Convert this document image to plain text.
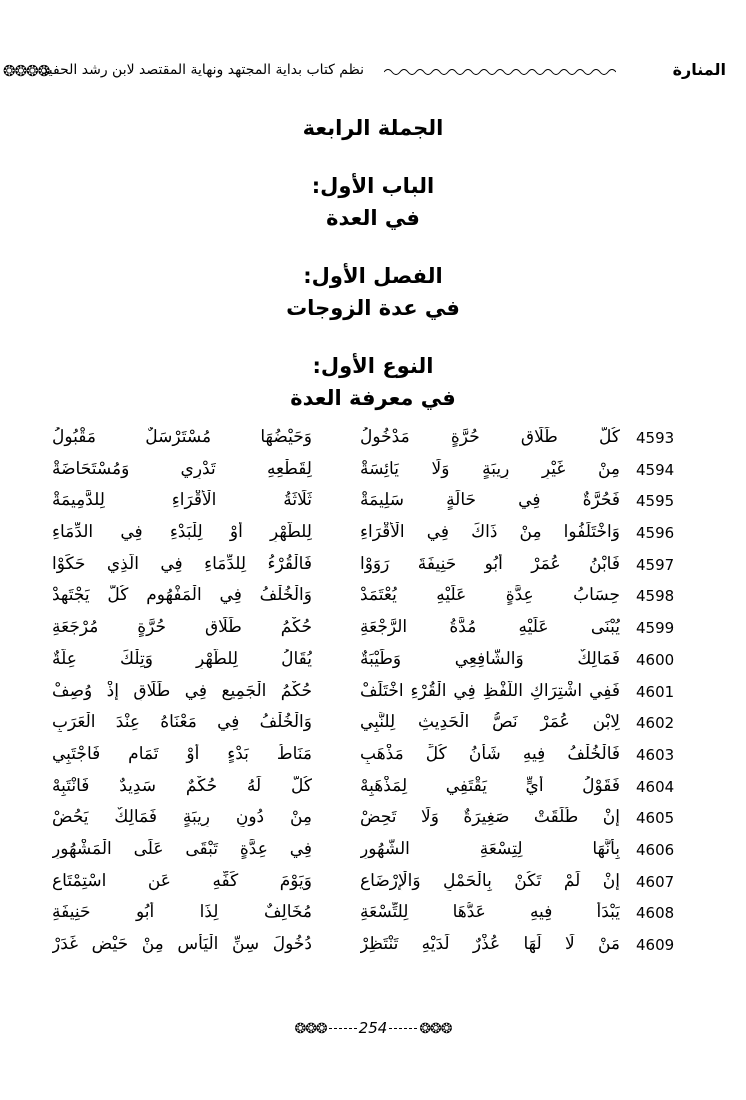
❂❂❂❂
نظم كتاب بداية المجتهد ونهاية المقتصد لابن رشد الحفيد	المنارة
الجملة الرابعة
الباب الأول:
في العدة
الفصل الأول:
في عدة الزوجات
النوع الأول:
في معرفة العدة
4593
كُلُّ طَلَاقِ حُرَّةٍ مَدْخُولُ
وَحَيْضُهَا مُسْتَرْسَلٌ مَقْبُولُ
4594
مِنْ غَيْرِ رِيبَةٍ وَلَا يَائِسَةْ
لِقَطْعِهِ تَدْرِي وَمُسْتَحَاضَةْ
4595
فَحُرَّةٌ فِي حَالَةٍ سَلِيمَةْ
ثَلَاثَةُ الْأَقْرَاءِ لِلدَّمِيمَةْ
4596
وَاخْتَلَفُوا مِنْ ذَاكَ فِي الْأَقْرَاءِ
لِلطُّهْرِ أَوْ لِلْبَدْءِ فِي الدِّمَاءِ
4597
فَابْنُ عُمَرْ أَبُو حَنِيفَةَ رَوَوْا
فَالْقُرْءُ لِلدِّمَاءِ فِي الَّذِي حَكَوْا
4598
حِسَابُ عِدَّةٍ عَلَيْهِ يُعْتَمَدْ
وَالْخُلْفُ فِي الْمَفْهُومِ كُلٌّ يَجْتَهِدْ
4599
يُبْنَى عَلَيْهِ مُدَّةُ الرَّجْعَةِ
حُكْمُ طَلَاقِ حُرَّةٍ مُرْجَعَةِ
4600
فَمَالِكٌ وَالشَّافِعِي وَطَيْبَةٌ
يُقَالُ لِلطُّهْرِ وَتِلْكَ عِلَّةٌ
4601
فَفِي اشْتِرَاكِ اللَّفْظِ فِي الْقُرْءِ اخْتَلَفْ
حُكْمُ الْجَمِيعِ فِي طَلَاقٍ إِذْ وُصِفْ
4602
لِابْنِ عُمَرْ نَصُّ الْحَدِيثِ لِلنَّبِي
وَالْخُلْفُ فِي مَعْنَاهُ عِنْدَ الْعَرَبِ
4603
فَالْخُلْفُ فِيهِ شَأْنُ كُلِّ مَذْهَبِ
مَنَاطُ بَدْءٍ أَوْ تَمَامٍ فَاجْتَبِي
4604
فَقَوْلُ أَيٍّ يَقْتَفِي لِمَذْهَبِهْ
كُلٌّ لَهُ حُكْمٌ سَدِيدٌ فَانْتَبِهْ
4605
إِنْ طُلِّقَتْ صَغِيرَةٌ وَلَا تَحِضْ
مِنْ دُونِ رِيبَةٍ فَمَالِكٌ يَحُضْ
4606
بِأَنَّهَا لِتِسْعَةِ الشُّهُورِ
فِي عِدَّةٍ تَبْقَى عَلَى الْمَشْهُورِ
4607
إِنْ لَمْ تَكُنْ بِالْحَمْلِ وَالْإِرْضَاعِ
وَيَوْمَ كَفِّهِ عَنِ اسْتِمْتَاعِ
4608
يَبْدَأُ فِيهِ عَدُّهَا لِلتِّسْعَةِ
مُخَالِفٌ لِذَا أَبُو حَنِيفَةِ
4609
مَنْ لَا لَهَا عُذْرٌ لَدَيْهِ تَنْتَظِرْ
دُخُولَ سِنِّ الْيَأْسِ مِنْ حَيْضٍ غَدَرْ
❂❂❂ 254 ❂❂❂
